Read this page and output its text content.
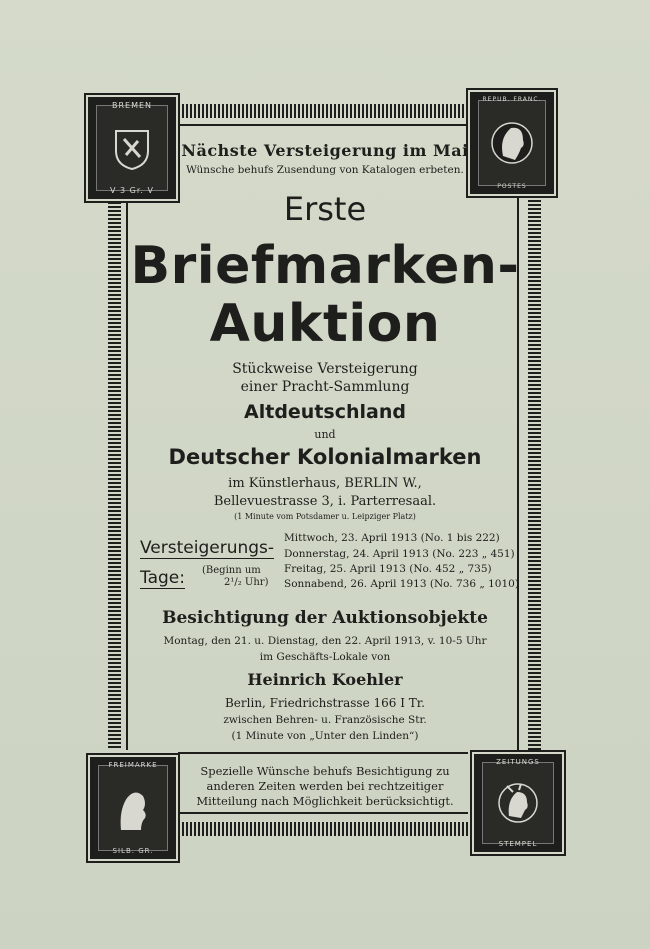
BREMEN
V 3 Gr. V
REPUB. FRANC.
POSTES
FREIMARKE
SILB. GR.
ZEITUNGS
STEMPEL
Nächste Versteigerung im Mai
Wünsche behufs Zusendung von Katalogen erbeten.
Erste
Briefmarken-
Auktion
Stückweise Versteigerung
einer Pracht-Sammlung
Altdeutschland
und
Deutscher Kolonialmarken
im Künstlerhaus, BERLIN W.,
Bellevuestrasse 3, i. Parterresaal.
(1 Minute vom Potsdamer u. Leipziger Platz)
Versteigerungs-
Tage: (Beginn um
2¹/₂ Uhr)
Mittwoch, 23. April 1913 (No. 1 bis 222)
Donnerstag, 24. April 1913 (No. 223 „ 451)
Freitag, 25. April 1913 (No. 452 „ 735)
Sonnabend, 26. April 1913 (No. 736 „ 1010)
Besichtigung der Auktionsobjekte
Montag, den 21. u. Dienstag, den 22. April 1913, v. 10-5 Uhr
im Geschäfts-Lokale von
Heinrich Koehler
Berlin, Friedrichstrasse 166 I Tr.
zwischen Behren- u. Französische Str.
(1 Minute von „Unter den Linden“)
Spezielle Wünsche behufs Besichtigung zu
anderen Zeiten werden bei rechtzeitiger
Mitteilung nach Möglichkeit berücksichtigt.
